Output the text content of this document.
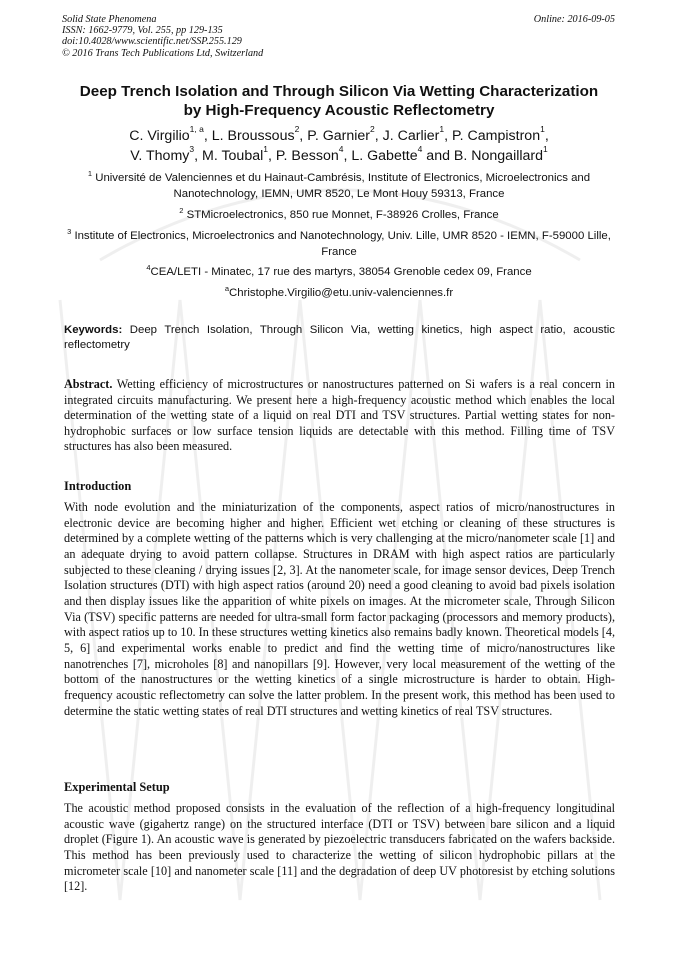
Solid State Phenomena
ISSN: 1662-9779, Vol. 255, pp 129-135
doi:10.4028/www.scientific.net/SSP.255.129
© 2016 Trans Tech Publications Ltd, Switzerland
Online: 2016-09-05
Deep Trench Isolation and Through Silicon Via Wetting Characterization
by High-Frequency Acoustic Reflectometry
C. Virgilio$^{1, a}$, L. Broussous$^2$, P. Garnier$^2$, J. Carlier$^1$, P. Campistron$^1$,
V. Thomy$^3$, M. Toubal$^1$, P. Besson$^4$, L. Gabette$^4$ and B. Nongaillard$^1$
$^1$ Université de Valenciennes et du Hainaut-Cambrésis, Institute of Electronics, Microelectronics and Nanotechnology, IEMN, UMR 8520, Le Mont Houy 59313, France
$^2$ STMicroelectronics, 850 rue Monnet, F-38926 Crolles, France
$^3$ Institute of Electronics, Microelectronics and Nanotechnology, Univ. Lille, UMR 8520 - IEMN, F-59000 Lille, France
$^4$CEA/LETI - Minatec, 17 rue des martyrs, 38054 Grenoble cedex 09, France
$^a$Christophe.Virgilio@etu.univ-valenciennes.fr
Keywords: Deep Trench Isolation, Through Silicon Via, wetting kinetics, high aspect ratio, acoustic reflectometry
Abstract. Wetting efficiency of microstructures or nanostructures patterned on Si wafers is a real concern in integrated circuits manufacturing. We present here a high-frequency acoustic method which enables the local determination of the wetting state of a liquid on real DTI and TSV structures. Partial wetting states for non-hydrophobic surfaces or low surface tension liquids are detectable with this method. Filling time of TSV structures has also been measured.
Introduction
With node evolution and the miniaturization of the components, aspect ratios of micro/nanostructures in electronic device are becoming higher and higher. Efficient wet etching or cleaning of these structures is determined by a complete wetting of the patterns which is very challenging at the micro/nanometer scale [1] and an adequate drying to avoid pattern collapse. Structures in DRAM with high aspect ratios are particularly subjected to these cleaning / drying issues [2, 3]. At the nanometer scale, for image sensor devices, Deep Trench Isolation structures (DTI) with high aspect ratios (around 20) need a good cleaning to avoid bad pixels isolation and then display issues like the apparition of white pixels on images. At the micrometer scale, Through Silicon Via (TSV) specific patterns are needed for ultra-small form factor packaging (processors and memory products), with aspect ratios up to 10. In these structures wetting kinetics also remains badly known. Theoretical models [4, 5, 6] and experimental works enable to predict and find the wetting time of micro/nanostructures like nanotrenches [7], microholes [8] and nanopillars [9]. However, very local measurement of the wetting of the bottom of the nanostructures or the wetting kinetics of a single microstructure is harder to obtain. High-frequency acoustic reflectometry can solve the latter problem. In the present work, this method has been used to determine the static wetting states of real DTI structures and wetting kinetics of real TSV structures.
Experimental Setup
The acoustic method proposed consists in the evaluation of the reflection of a high-frequency longitudinal acoustic wave (gigahertz range) on the structured interface (DTI or TSV) between bare silicon and a liquid droplet (Figure 1). An acoustic wave is generated by piezoelectric transducers fabricated on the wafers backside. This method has been previously used to characterize the wetting of silicon hydrophobic pillars at the micrometer scale [10] and nanometer scale [11] and the degradation of deep UV photoresist by etching solutions [12].
